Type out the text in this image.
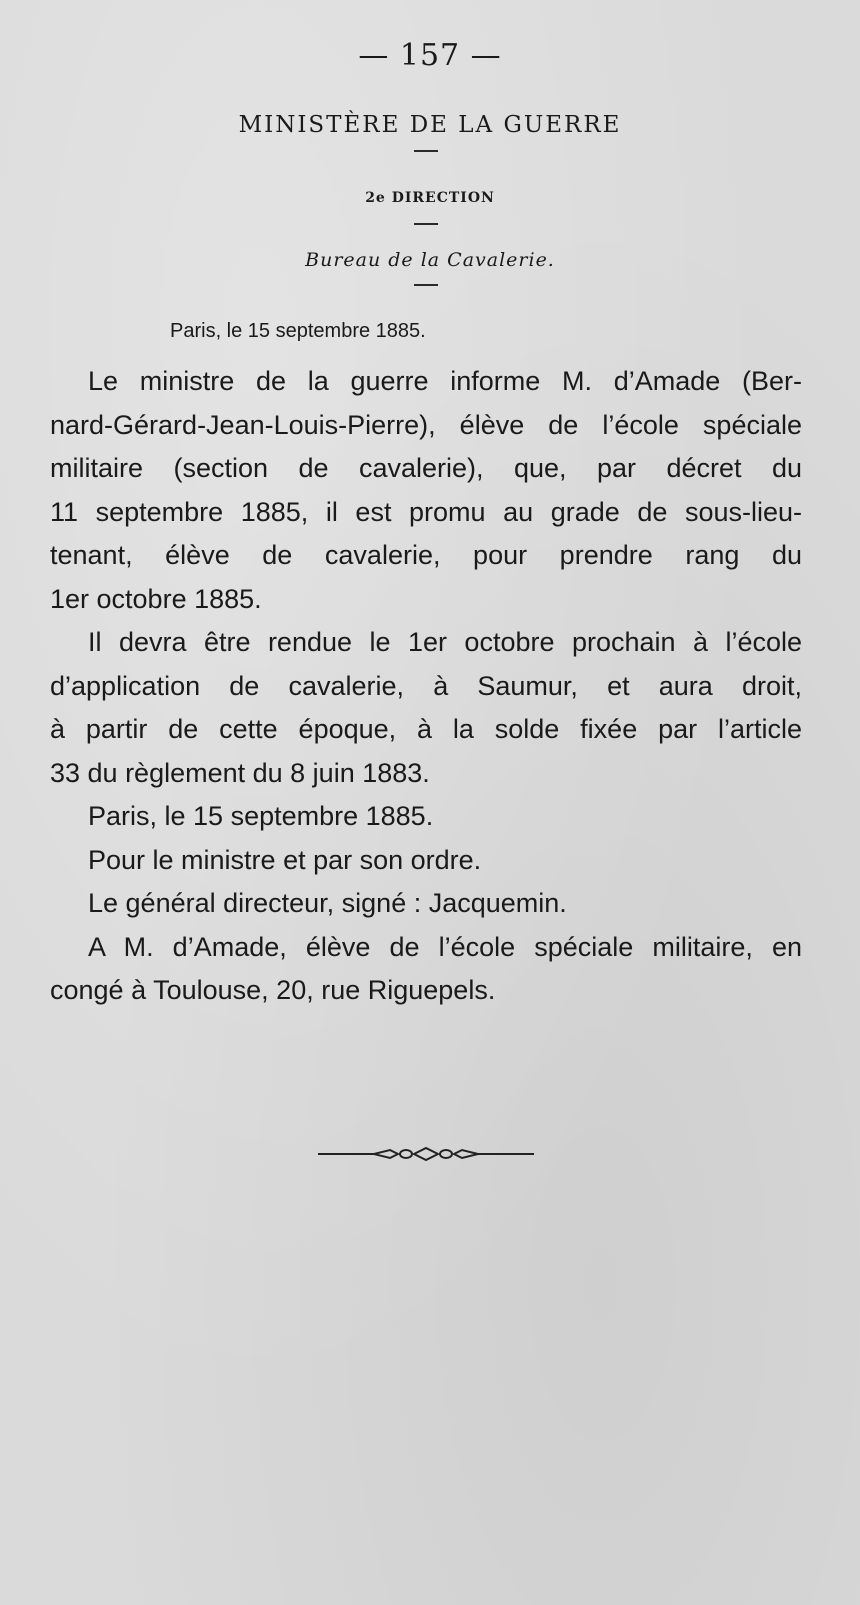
— 157 —
MINISTÈRE DE LA GUERRE
2e DIRECTION
Bureau de la Cavalerie.
Paris, le 15 septembre 1885.
Le ministre de la guerre informe M. d’Amade (Ber-
nard-Gérard-Jean-Louis-Pierre), élève de l’école spéciale
militaire (section de cavalerie), que, par décret du
11 septembre 1885, il est promu au grade de sous-lieu-
tenant, élève de cavalerie, pour prendre rang du
1er octobre 1885.
Il devra être rendue le 1er octobre prochain à l’école
d’application de cavalerie, à Saumur, et aura droit,
à partir de cette époque, à la solde fixée par l’article
33 du règlement du 8 juin 1883.
Paris, le 15 septembre 1885.
Pour le ministre et par son ordre.
Le général directeur, signé : Jacquemin.
A M. d’Amade, élève de l’école spéciale militaire, en
congé à Toulouse, 20, rue Riguepels.
